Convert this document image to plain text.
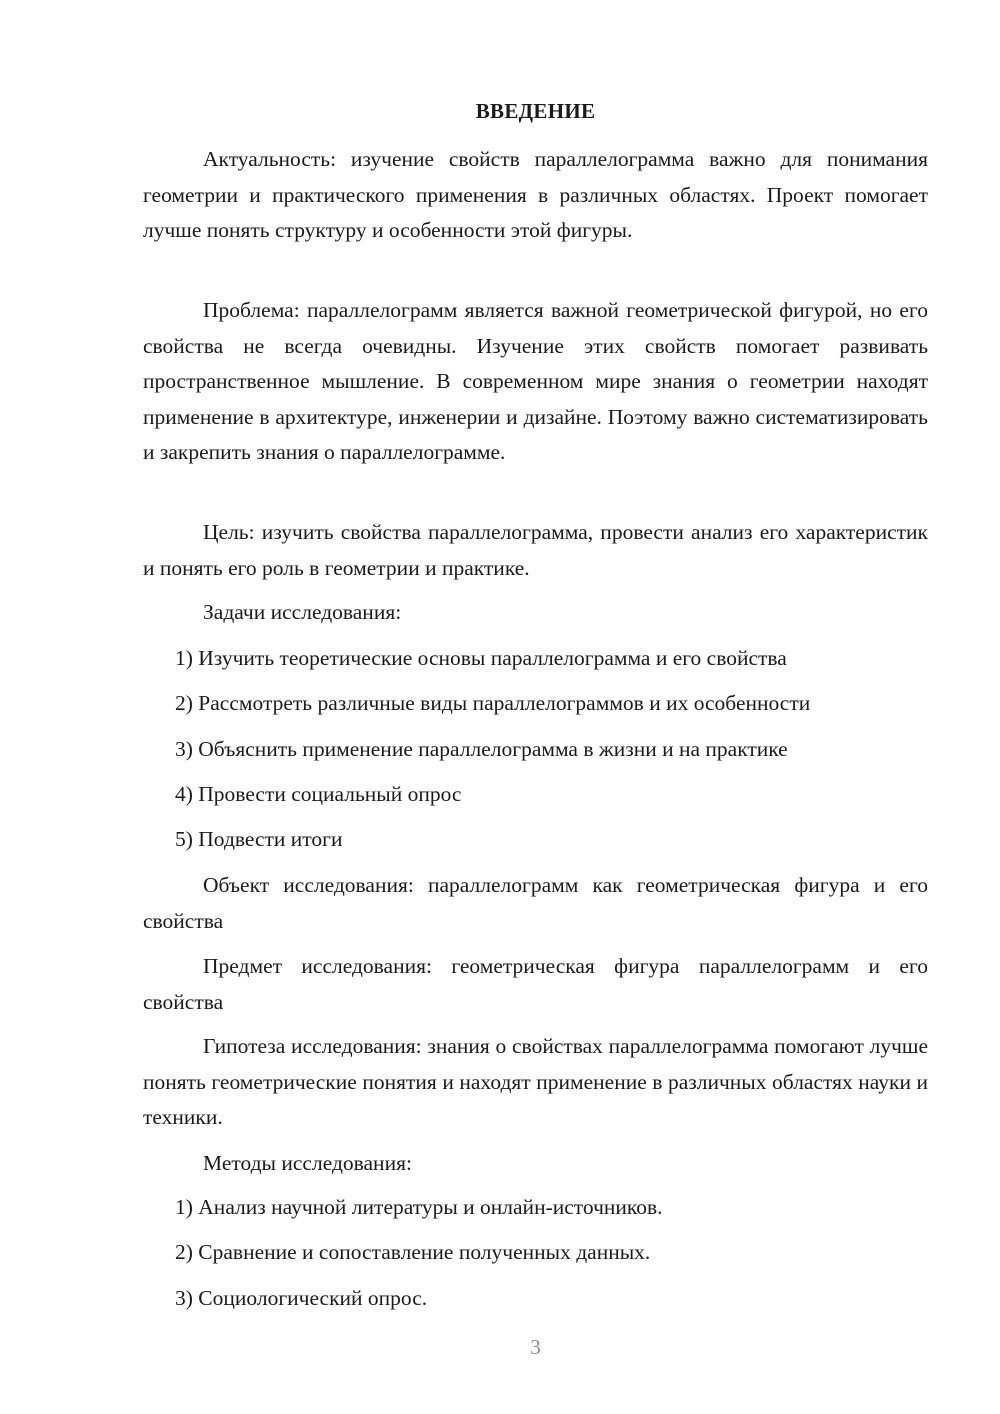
ВВЕДЕНИЕ

Актуальность: изучение свойств параллелограмма важно для понимания геометрии и практического применения в различных областях. Проект помогает лучше понять структуру и особенности этой фигуры.

Проблема: параллелограмм является важной геометрической фигурой, но его свойства не всегда очевидны. Изучение этих свойств помогает развивать пространственное мышление. В современном мире знания о геометрии находят применение в архитектуре, инженерии и дизайне. Поэтому важно систематизировать и закрепить знания о параллелограмме.

Цель: изучить свойства параллелограмма, провести анализ его характеристик и понять его роль в геометрии и практике.

Задачи исследования:

1) Изучить теоретические основы параллелограмма и его свойства

2) Рассмотреть различные виды параллелограммов и их особенности

3) Объяснить применение параллелограмма в жизни и на практике

4) Провести социальный опрос

5) Подвести итоги

Объект исследования: параллелограмм как геометрическая фигура и его свойства

Предмет исследования: геометрическая фигура параллелограмм и его свойства

Гипотеза исследования: знания о свойствах параллелограмма помогают лучше понять геометрические понятия и находят применение в различных областях науки и техники.

Методы исследования:

1) Анализ научной литературы и онлайн-источников.

2) Сравнение и сопоставление полученных данных.

3) Социологический опрос.

3
